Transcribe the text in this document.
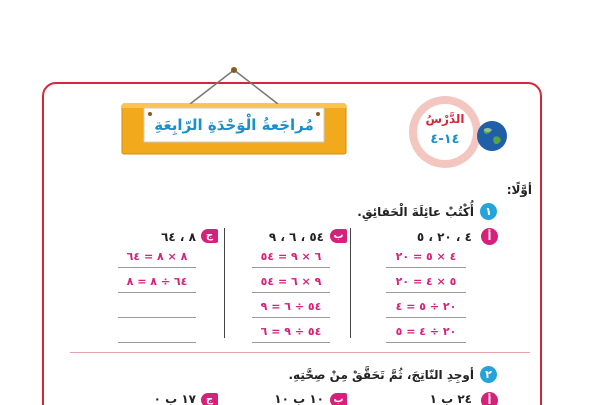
مُراجَعةُ الْوَحْدَةِ الرّابِعَةِ	الدَّرْسُ
١٤-٤
أوَّلًا:
١
أُكْتُبْ عائِلَةَ الْحَقائِقِ.
أ
٤ ، ٢٠ ، ٥
٤ × ٥ = ٢٠
٥ × ٤ = ٢٠
٢٠ ÷ ٥ = ٤
٢٠ ÷ ٤ = ٥
ب
٥٤ ، ٦ ، ٩
٦ × ٩ = ٥٤
٩ × ٦ = ٥٤
٥٤ ÷ ٦ = ٩
٥٤ ÷ ٩ = ٦
ج
٨ ، ٦٤
٨ × ٨ = ٦٤
٦٤ ÷ ٨ = ٨
٢
أوجِدِ النّاتِجَ، ثُمَّ تَحَقَّقْ مِنْ صِحَّتِهِ.
أ
٢٤ ب ١
ب
١٠ ب ١٠
ج
١٧ ب ٠
